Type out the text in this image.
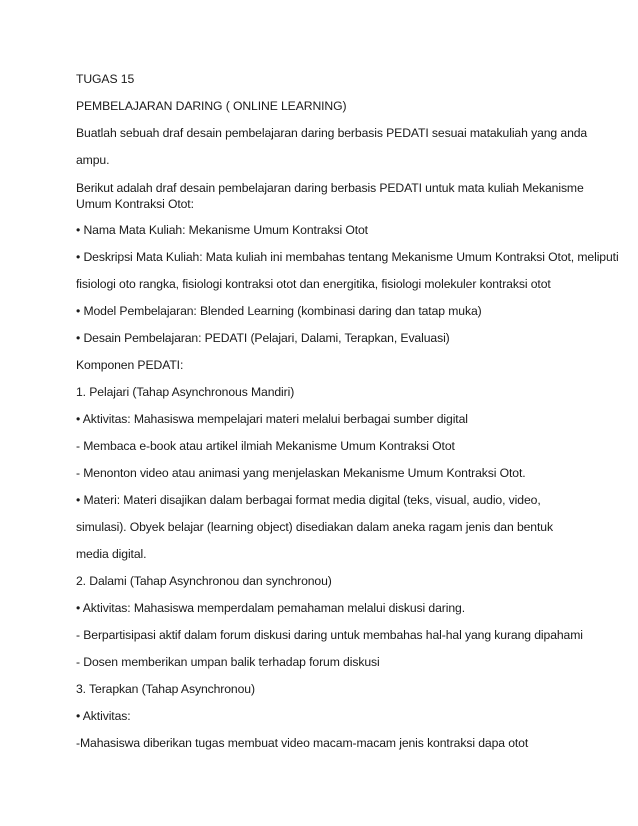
TUGAS 15

PEMBELAJARAN DARING ( ONLINE LEARNING)

Buatlah sebuah draf desain pembelajaran daring berbasis PEDATI sesuai matakuliah yang anda

ampu.

Berikut adalah draf desain pembelajaran daring berbasis PEDATI untuk mata kuliah Mekanisme Umum Kontraksi Otot:

• Nama Mata Kuliah: Mekanisme Umum Kontraksi Otot

• Deskripsi Mata Kuliah: Mata kuliah ini membahas tentang Mekanisme Umum Kontraksi Otot, meliputi

fisiologi oto rangka, fisiologi kontraksi otot dan energitika, fisiologi molekuler kontraksi otot

• Model Pembelajaran: Blended Learning (kombinasi daring dan tatap muka)

• Desain Pembelajaran: PEDATI (Pelajari, Dalami, Terapkan, Evaluasi)

Komponen PEDATI:

1. Pelajari (Tahap Asynchronous Mandiri)

• Aktivitas: Mahasiswa mempelajari materi melalui berbagai sumber digital

- Membaca e-book atau artikel ilmiah Mekanisme Umum Kontraksi Otot

- Menonton video atau animasi yang menjelaskan Mekanisme Umum Kontraksi Otot.

• Materi: Materi disajikan dalam berbagai format media digital (teks, visual, audio, video,

simulasi). Obyek belajar (learning object) disediakan dalam aneka ragam jenis dan bentuk

media digital.

2. Dalami (Tahap Asynchronou dan synchronou)

• Aktivitas: Mahasiswa memperdalam pemahaman melalui diskusi daring.

- Berpartisipasi aktif dalam forum diskusi daring untuk membahas hal-hal yang kurang dipahami

- Dosen memberikan umpan balik terhadap forum diskusi

3. Terapkan (Tahap Asynchronou)

• Aktivitas:

-Mahasiswa diberikan tugas membuat video macam-macam jenis kontraksi dapa otot
